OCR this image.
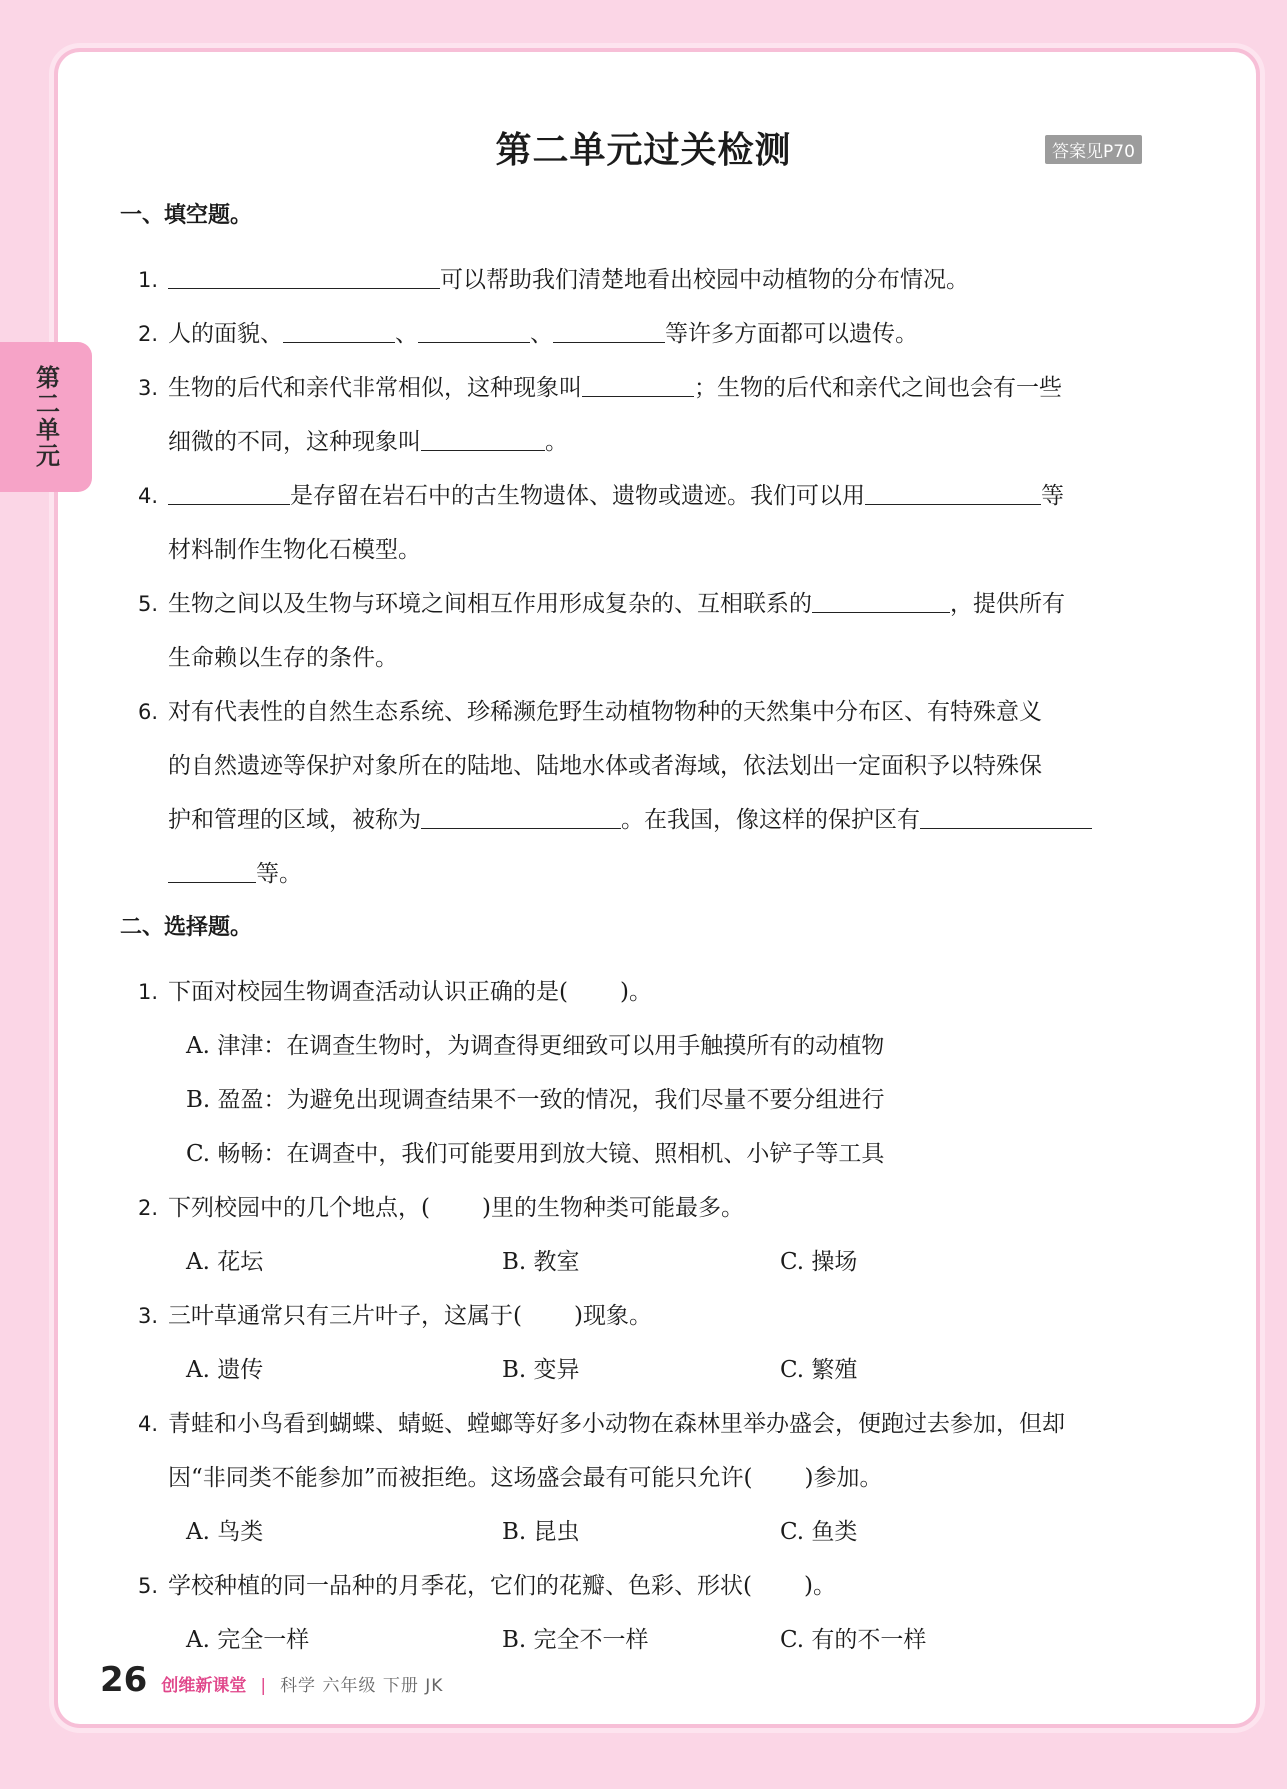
第二单元
第二单元过关检测	答案见P70
一、填空题。
1.	可以帮助我们清楚地看出校园中动植物的分布情况。
2. 人的面貌、	、	、	等许多方面都可以遗传。
3. 生物的后代和亲代非常相似，这种现象叫	；生物的后代和亲代之间也会有一些
细微的不同，这种现象叫	。
4.	是存留在岩石中的古生物遗体、遗物或遗迹。我们可以用	等
材料制作生物化石模型。
5. 生物之间以及生物与环境之间相互作用形成复杂的、互相联系的	，提供所有
生命赖以生存的条件。
6. 对有代表性的自然生态系统、珍稀濒危野生动植物物种的天然集中分布区、有特殊意义
的自然遗迹等保护对象所在的陆地、陆地水体或者海域，依法划出一定面积予以特殊保
护和管理的区域，被称为	。在我国，像这样的保护区有
等。
二、选择题。
1. 下面对校园生物调查活动认识正确的是( )。
A. 津津：在调查生物时，为调查得更细致可以用手触摸所有的动植物
B. 盈盈：为避免出现调查结果不一致的情况，我们尽量不要分组进行
C. 畅畅：在调查中，我们可能要用到放大镜、照相机、小铲子等工具
2. 下列校园中的几个地点，( )里的生物种类可能最多。
A. 花坛	B. 教室	C. 操场
3. 三叶草通常只有三片叶子，这属于( )现象。
A. 遗传	B. 变异	C. 繁殖
4. 青蛙和小鸟看到蝴蝶、蜻蜓、螳螂等好多小动物在森林里举办盛会，便跑过去参加，但却
因“非同类不能参加”而被拒绝。这场盛会最有可能只允许( )参加。
A. 鸟类	B. 昆虫	C. 鱼类
5. 学校种植的同一品种的月季花，它们的花瓣、色彩、形状( )。
A. 完全一样	B. 完全不一样	C. 有的不一样
26 创维新课堂 | 科学 六年级 下册 JK
